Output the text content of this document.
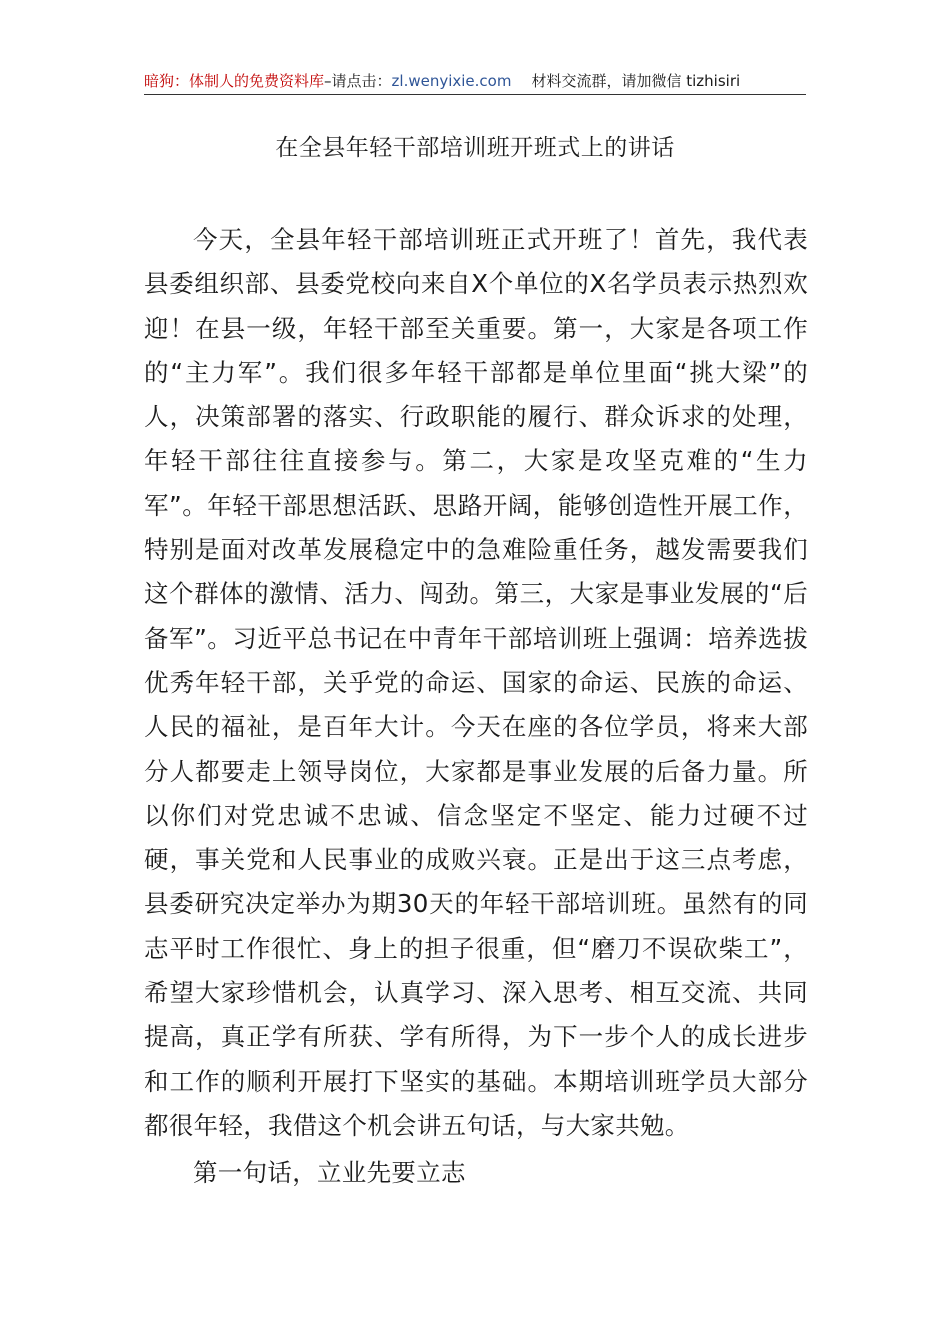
暗狗：体制人的免费资料库–请点击：zl.wenyixie.com 材料交流群，请加微信 tizhisiri
在全县年轻干部培训班开班式上的讲话

今天，全县年轻干部培训班正式开班了！首先，我代表县委组织部、县委党校向来自X个单位的X名学员表示热烈欢迎！在县一级，年轻干部至关重要。第一，大家是各项工作的“主力军”。我们很多年轻干部都是单位里面“挑大梁”的人，决策部署的落实、行政职能的履行、群众诉求的处理，年轻干部往往直接参与。第二，大家是攻坚克难的“生力军”。年轻干部思想活跃、思路开阔，能够创造性开展工作，特别是面对改革发展稳定中的急难险重任务，越发需要我们这个群体的激情、活力、闯劲。第三，大家是事业发展的“后备军”。习近平总书记在中青年干部培训班上强调：培养选拔优秀年轻干部，关乎党的命运、国家的命运、民族的命运、人民的福祉，是百年大计。今天在座的各位学员，将来大部分人都要走上领导岗位，大家都是事业发展的后备力量。所以你们对党忠诚不忠诚、信念坚定不坚定、能力过硬不过硬，事关党和人民事业的成败兴衰。正是出于这三点考虑，县委研究决定举办为期30天的年轻干部培训班。虽然有的同志平时工作很忙、身上的担子很重，但“磨刀不误砍柴工”，希望大家珍惜机会，认真学习、深入思考、相互交流、共同提高，真正学有所获、学有所得，为下一步个人的成长进步和工作的顺利开展打下坚实的基础。本期培训班学员大部分都很年轻，我借这个机会讲五句话，与大家共勉。

第一句话，立业先要立志
